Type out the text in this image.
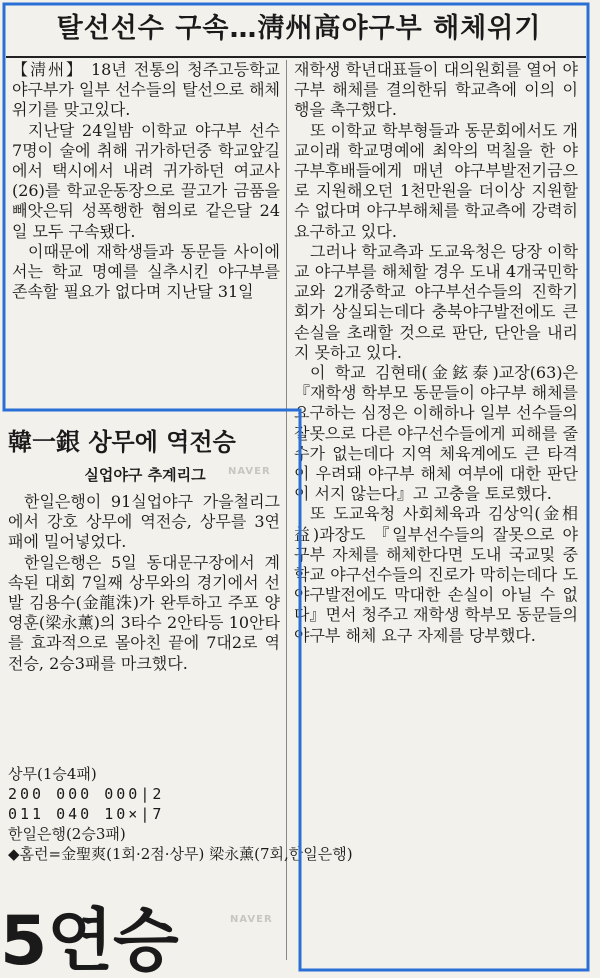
탈선선수 구속…淸州高야구부 해체위기

【淸州】 18년 전통의 청주고등학교 야구부가 일부 선수들의 탈선으로 해체위기를 맞고있다.

지난달 24일밤 이학교 야구부 선수 7명이 술에 취해 귀가하던중 학교앞길에서 택시에서 내려 귀가하던 여교사(26)를 학교운동장으로 끌고가 금품을 빼앗은뒤 성폭행한 혐의로 같은달 24일 모두 구속됐다.

이때문에 재학생들과 동문들 사이에서는 학교 명예를 실추시킨 야구부를 존속할 필요가 없다며 지난달 31일

재학생 학년대표들이 대의원회를 열어 야구부 해체를 결의한뒤 학교측에 이의 이행을 촉구했다.

또 이학교 학부형들과 동문회에서도 개교이래 학교명예에 최악의 먹칠을 한 야구부후배들에게 매년 야구부발전기금으로 지원해오던 1천만원을 더이상 지원할수 없다며 야구부해체를 학교측에 강력히 요구하고 있다.

그러나 학교측과 도교육청은 당장 이학교 야구부를 해체할 경우 도내 4개국민학교와 2개중학교 야구부선수들의 진학기회가 상실되는데다 충북야구발전에도 큰 손실을 초래할 것으로 판단, 단안을 내리지 못하고 있다.

이 학교 김현태(金鉉泰)교장(63)은 『재학생 학부모 동문들이 야구부 해체를 요구하는 심정은 이해하나 일부 선수들의 잘못으로 다른 야구선수들에게 피해를 줄 수가 없는데다 지역 체육계에도 큰 타격이 우려돼 야구부 해체 여부에 대한 판단이 서지 않는다』고 고충을 토로했다.

또 도교육청 사회체육과 김상익(金相益)과장도 『일부선수들의 잘못으로 야구부 자체를 해체한다면 도내 국교및 중학교 야구선수들의 진로가 막히는데다 도 야구발전에도 막대한 손실이 아닐 수 없다』면서 청주고 재학생 학부모 동문들의 야구부 해체 요구 자제를 당부했다.

韓一銀 상무에 역전승
실업야구 추계리그	NAVER

한일은행이 91실업야구 가을철리그에서 강호 상무에 역전승, 상무를 3연패에 밀어넣었다.

한일은행은 5일 동대문구장에서 계속된 대회 7일째 상무와의 경기에서 선발 김용수(金龍洙)가 완투하고 주포 양영훈(梁永薰)의 3타수 2안타등 10안타를 효과적으로 몰아친 끝에 7대2로 역전승, 2승3패를 마크했다.

상무(1승4패)
200 000 000|2
011 040 10×|7
한일은행(2승3패)
◆홈런=金聖爽(1회·2점·상무) 梁永薰(7회,한일은행)
5연승	NAVER
